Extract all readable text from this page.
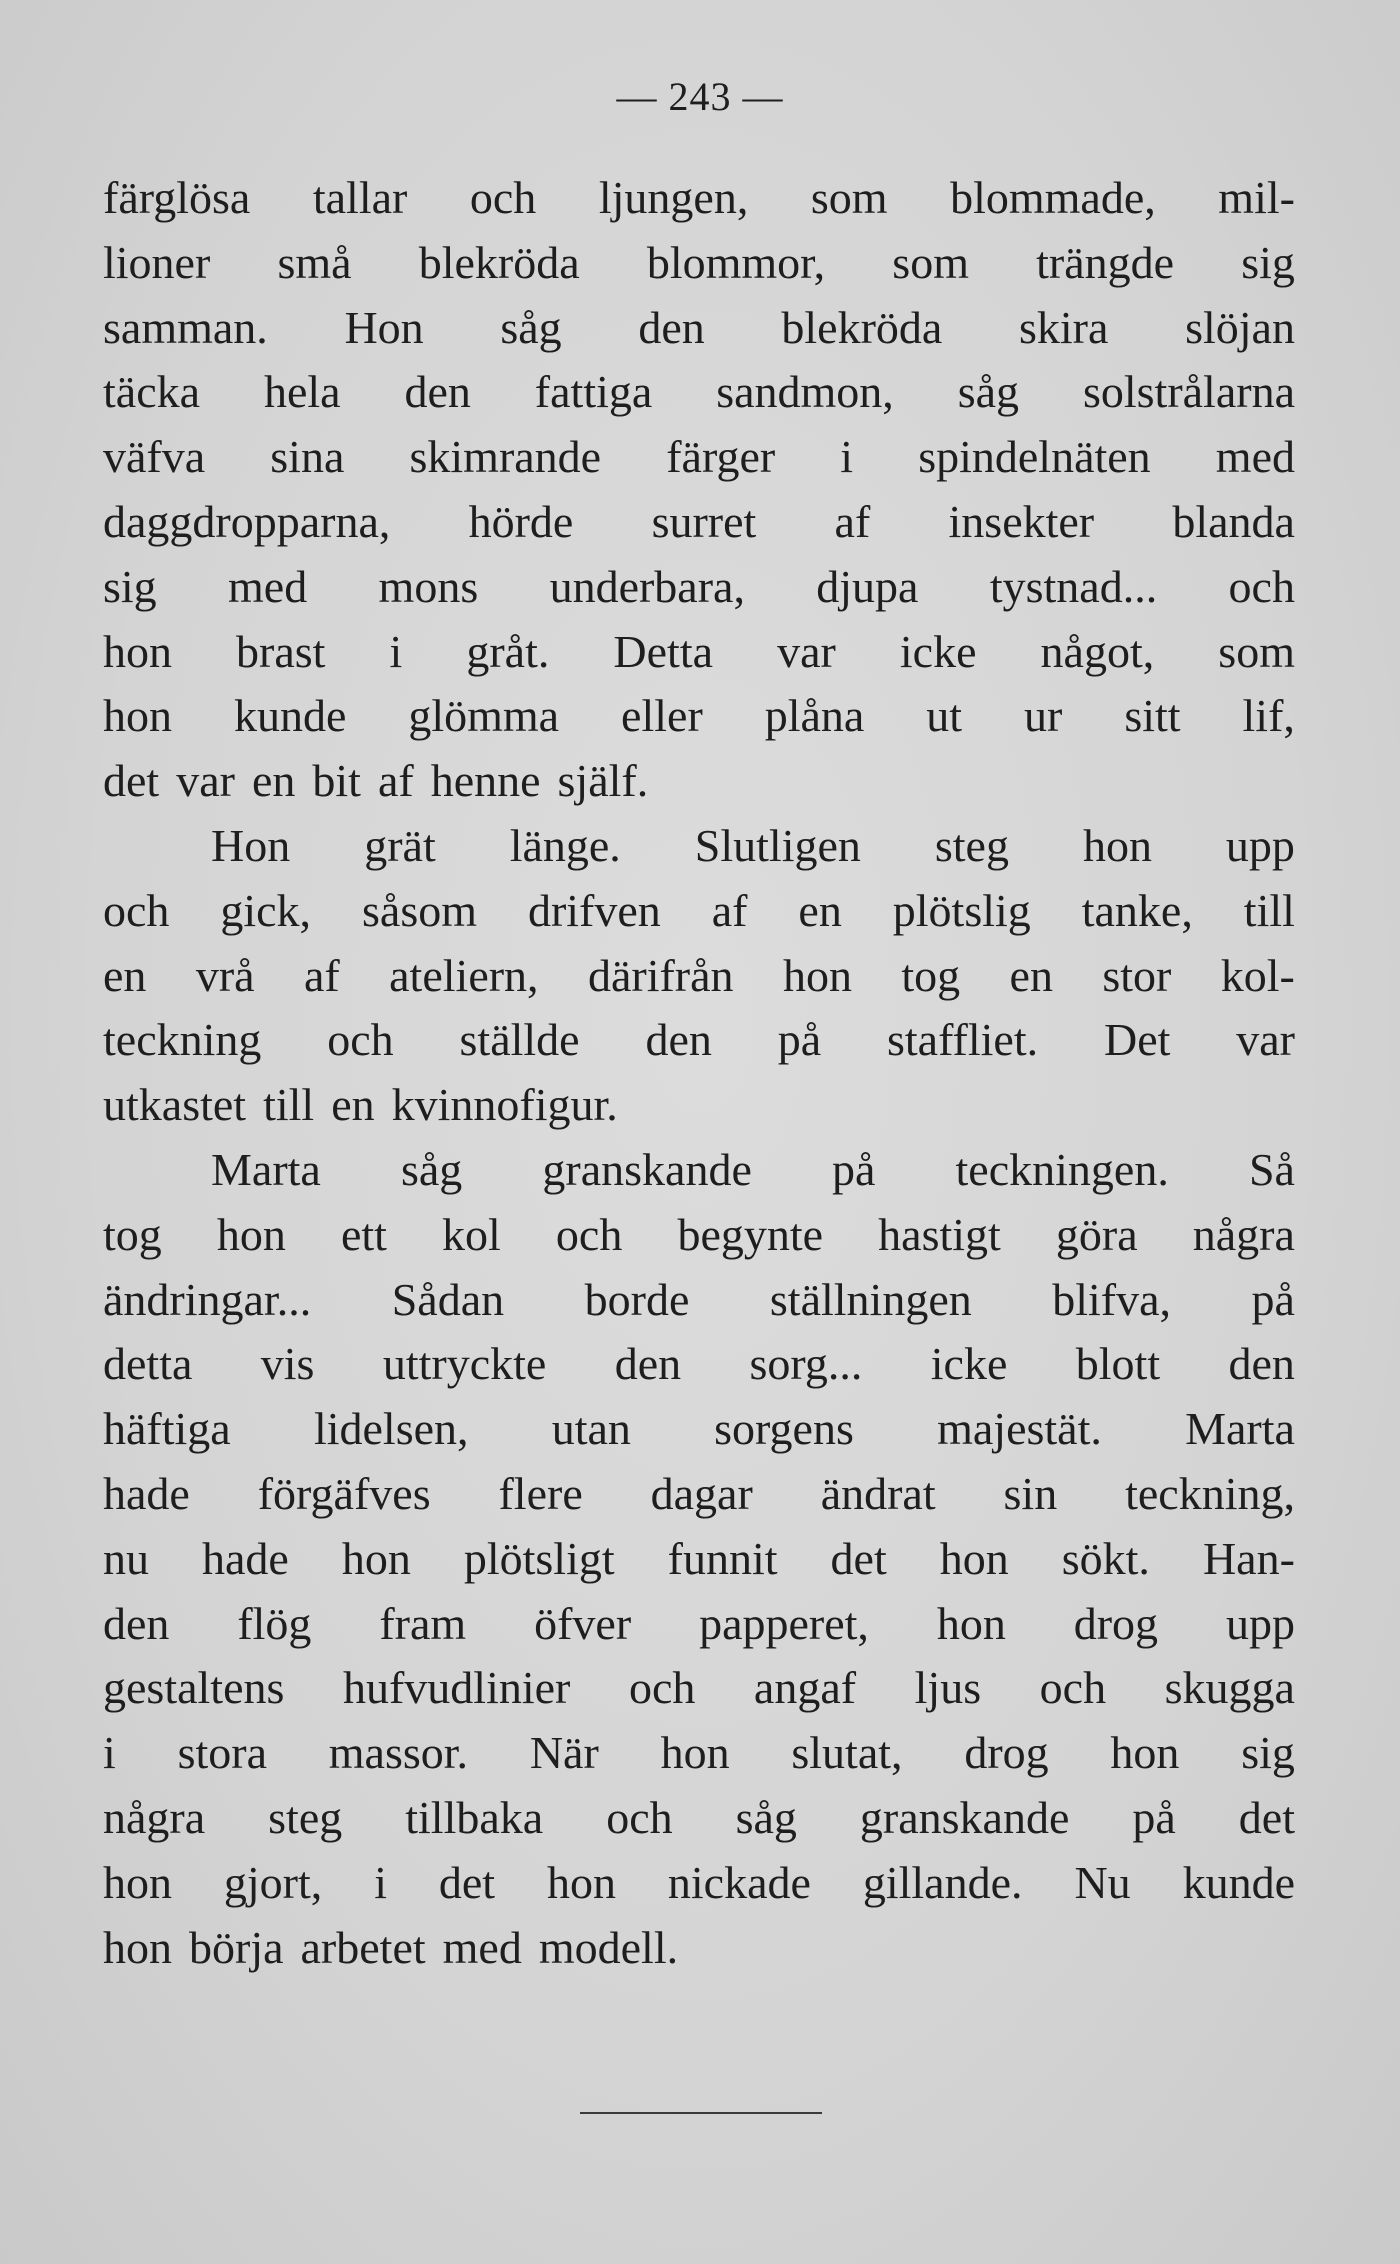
— 243 —
färglösa tallar och ljungen, som blommade, mil-
lioner små blekröda blommor, som trängde sig
samman. Hon såg den blekröda skira slöjan
täcka hela den fattiga sandmon, såg solstrålarna
väfva sina skimrande färger i spindelnäten med
daggdropparna, hörde surret af insekter blanda
sig med mons underbara, djupa tystnad... och
hon brast i gråt. Detta var icke något, som
hon kunde glömma eller plåna ut ur sitt lif,
det var en bit af henne själf.
Hon grät länge. Slutligen steg hon upp
och gick, såsom drifven af en plötslig tanke, till
en vrå af ateliern, därifrån hon tog en stor kol-
teckning och ställde den på staffliet. Det var
utkastet till en kvinnofigur.
Marta såg granskande på teckningen. Så
tog hon ett kol och begynte hastigt göra några
ändringar... Sådan borde ställningen blifva, på
detta vis uttryckte den sorg... icke blott den
häftiga lidelsen, utan sorgens majestät. Marta
hade förgäfves flere dagar ändrat sin teckning,
nu hade hon plötsligt funnit det hon sökt. Han-
den flög fram öfver papperet, hon drog upp
gestaltens hufvudlinier och angaf ljus och skugga
i stora massor. När hon slutat, drog hon sig
några steg tillbaka och såg granskande på det
hon gjort, i det hon nickade gillande. Nu kunde
hon börja arbetet med modell.
